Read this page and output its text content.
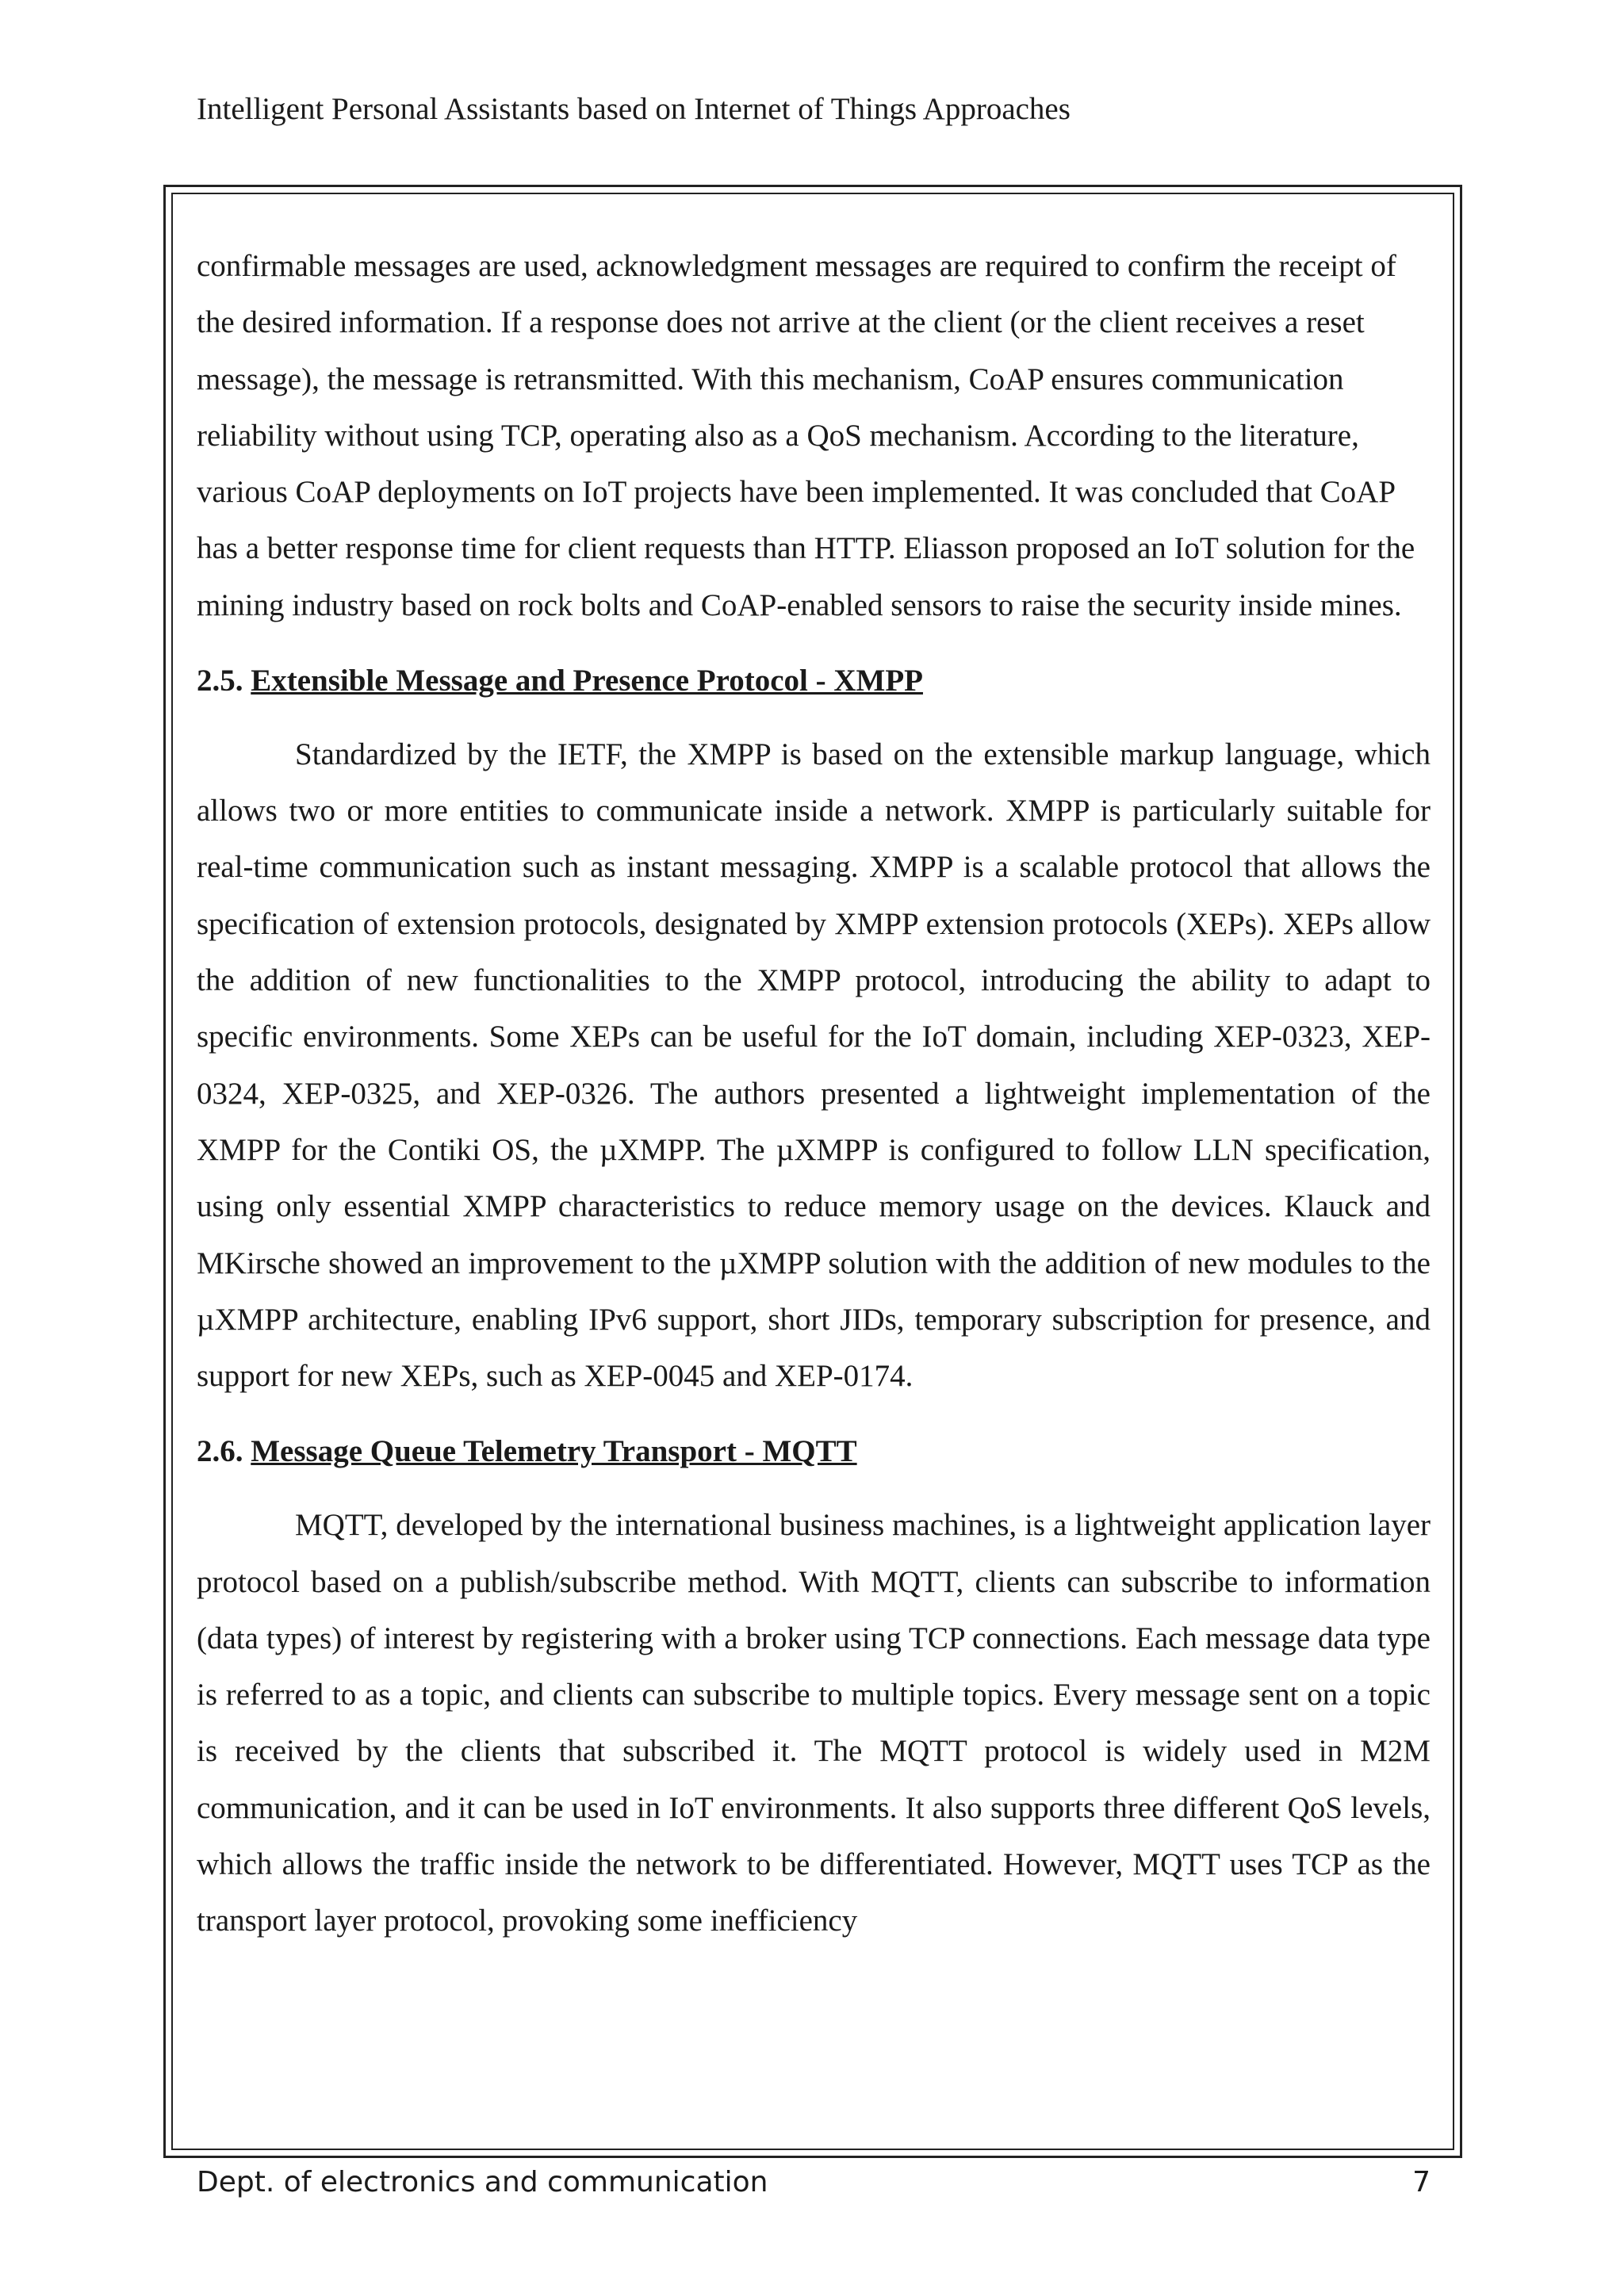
Intelligent Personal Assistants based on Internet of Things Approaches

confirmable messages are used, acknowledgment messages are required to confirm the receipt of the desired information. If a response does not arrive at the client (or the client receives a reset message), the message is retransmitted. With this mechanism, CoAP ensures communication reliability without using TCP, operating also as a QoS mechanism. According to the literature, various CoAP deployments on IoT projects have been implemented. It was concluded that CoAP has a better response time for client requests than HTTP. Eliasson proposed an IoT solution for the mining industry based on rock bolts and CoAP-enabled sensors to raise the security inside mines.

2.5. Extensible Message and Presence Protocol - XMPP

Standardized by the IETF, the XMPP is based on the extensible markup language, which allows two or more entities to communicate inside a network. XMPP is particularly suitable for real-time communication such as instant messaging. XMPP is a scalable protocol that allows the specification of extension protocols, designated by XMPP extension protocols (XEPs). XEPs allow the addition of new functionalities to the XMPP protocol, introducing the ability to adapt to specific environments. Some XEPs can be useful for the IoT domain, including XEP-0323, XEP-0324, XEP-0325, and XEP-0326. The authors presented a lightweight implementation of the XMPP for the Contiki OS, the µXMPP. The µXMPP is configured to follow LLN specification, using only essential XMPP characteristics to reduce memory usage on the devices. Klauck and MKirsche showed an improvement to the µXMPP solution with the addition of new modules to the µXMPP architecture, enabling IPv6 support, short JIDs, temporary subscription for presence, and support for new XEPs, such as XEP-0045 and XEP-0174.

2.6. Message Queue Telemetry Transport - MQTT

MQTT, developed by the international business machines, is a lightweight application layer protocol based on a publish/subscribe method. With MQTT, clients can subscribe to information (data types) of interest by registering with a broker using TCP connections. Each message data type is referred to as a topic, and clients can subscribe to multiple topics. Every message sent on a topic is received by the clients that subscribed it. The MQTT protocol is widely used in M2M communication, and it can be used in IoT environments. It also supports three different QoS levels, which allows the traffic inside the network to be differentiated. However, MQTT uses TCP as the transport layer protocol, provoking some inefficiency

Dept. of electronics and communication	7
